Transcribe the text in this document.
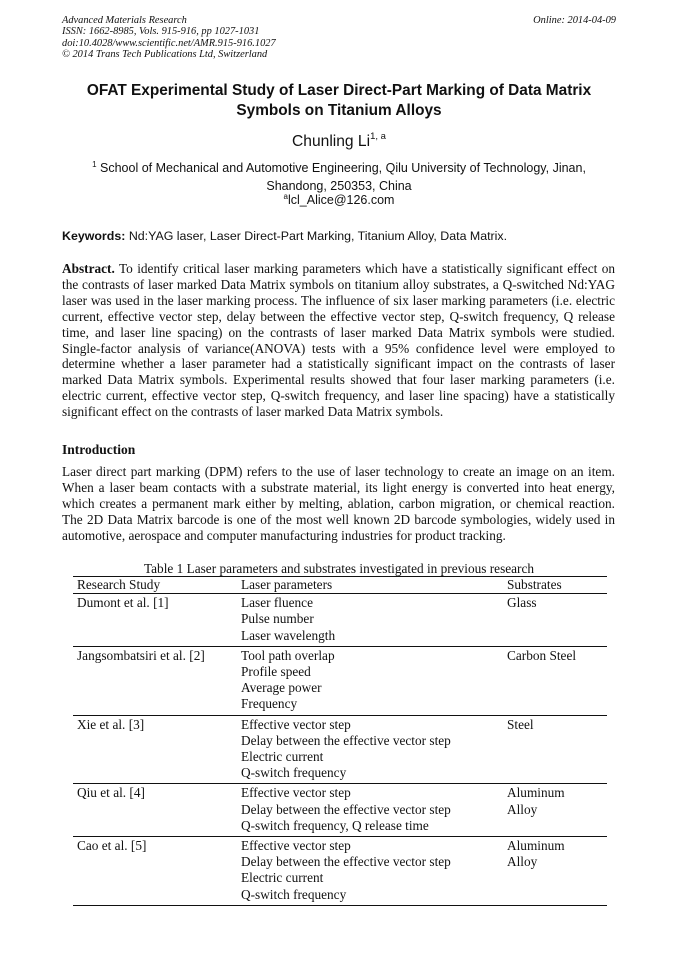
Advanced Materials Research
ISSN: 1662-8985, Vols. 915-916, pp 1027-1031
doi:10.4028/www.scientific.net/AMR.915-916.1027
© 2014 Trans Tech Publications Ltd, Switzerland
Online: 2014-04-09
OFAT Experimental Study of Laser Direct-Part Marking of Data Matrix Symbols on Titanium Alloys
Chunling Li$^{1, a}$
$^1$ School of Mechanical and Automotive Engineering, Qilu University of Technology, Jinan, Shandong, 250353, China
$^a$lcl_Alice@126.com
Keywords: Nd:YAG laser, Laser Direct-Part Marking, Titanium Alloy, Data Matrix.
Abstract. To identify critical laser marking parameters which have a statistically significant effect on the contrasts of laser marked Data Matrix symbols on titanium alloy substrates, a Q-switched Nd:YAG laser was used in the laser marking process. The influence of six laser marking parameters (i.e. electric current, effective vector step, delay between the effective vector step, Q-switch frequency, Q release time, and laser line spacing) on the contrasts of laser marked Data Matrix symbols were studied. Single-factor analysis of variance(ANOVA) tests with a 95% confidence level were employed to determine whether a laser parameter had a statistically significant impact on the contrasts of laser marked Data Matrix symbols. Experimental results showed that four laser marking parameters (i.e. electric current, effective vector step, Q-switch frequency, and laser line spacing) have a statistically significant effect on the contrasts of laser marked Data Matrix symbols.
Introduction
Laser direct part marking (DPM) refers to the use of laser technology to create an image on an item. When a laser beam contacts with a substrate material, its light energy is converted into heat energy, which creates a permanent mark either by melting, ablation, carbon migration, or chemical reaction. The 2D Data Matrix barcode is one of the most well known 2D barcode symbologies, widely used in automotive, aerospace and computer manufacturing industries for product tracking.
Table 1 Laser parameters and substrates investigated in previous research
Research Study	Laser parameters	Substrates
Dumont et al. [1]	Laser fluence
Pulse number
Laser wavelength	Glass

Jangsombatsiri et al. [2]	Tool path overlap
Profile speed
Average power
Frequency	Carbon Steel

Xie et al. [3]	Effective vector step
Delay between the effective vector step
Electric current
Q-switch frequency	Steel

Qiu et al. [4]	Effective vector step
Delay between the effective vector step
Q-switch frequency, Q release time	Aluminum
Alloy

Cao et al. [5]	Effective vector step
Delay between the effective vector step
Electric current
Q-switch frequency	Aluminum
Alloy
